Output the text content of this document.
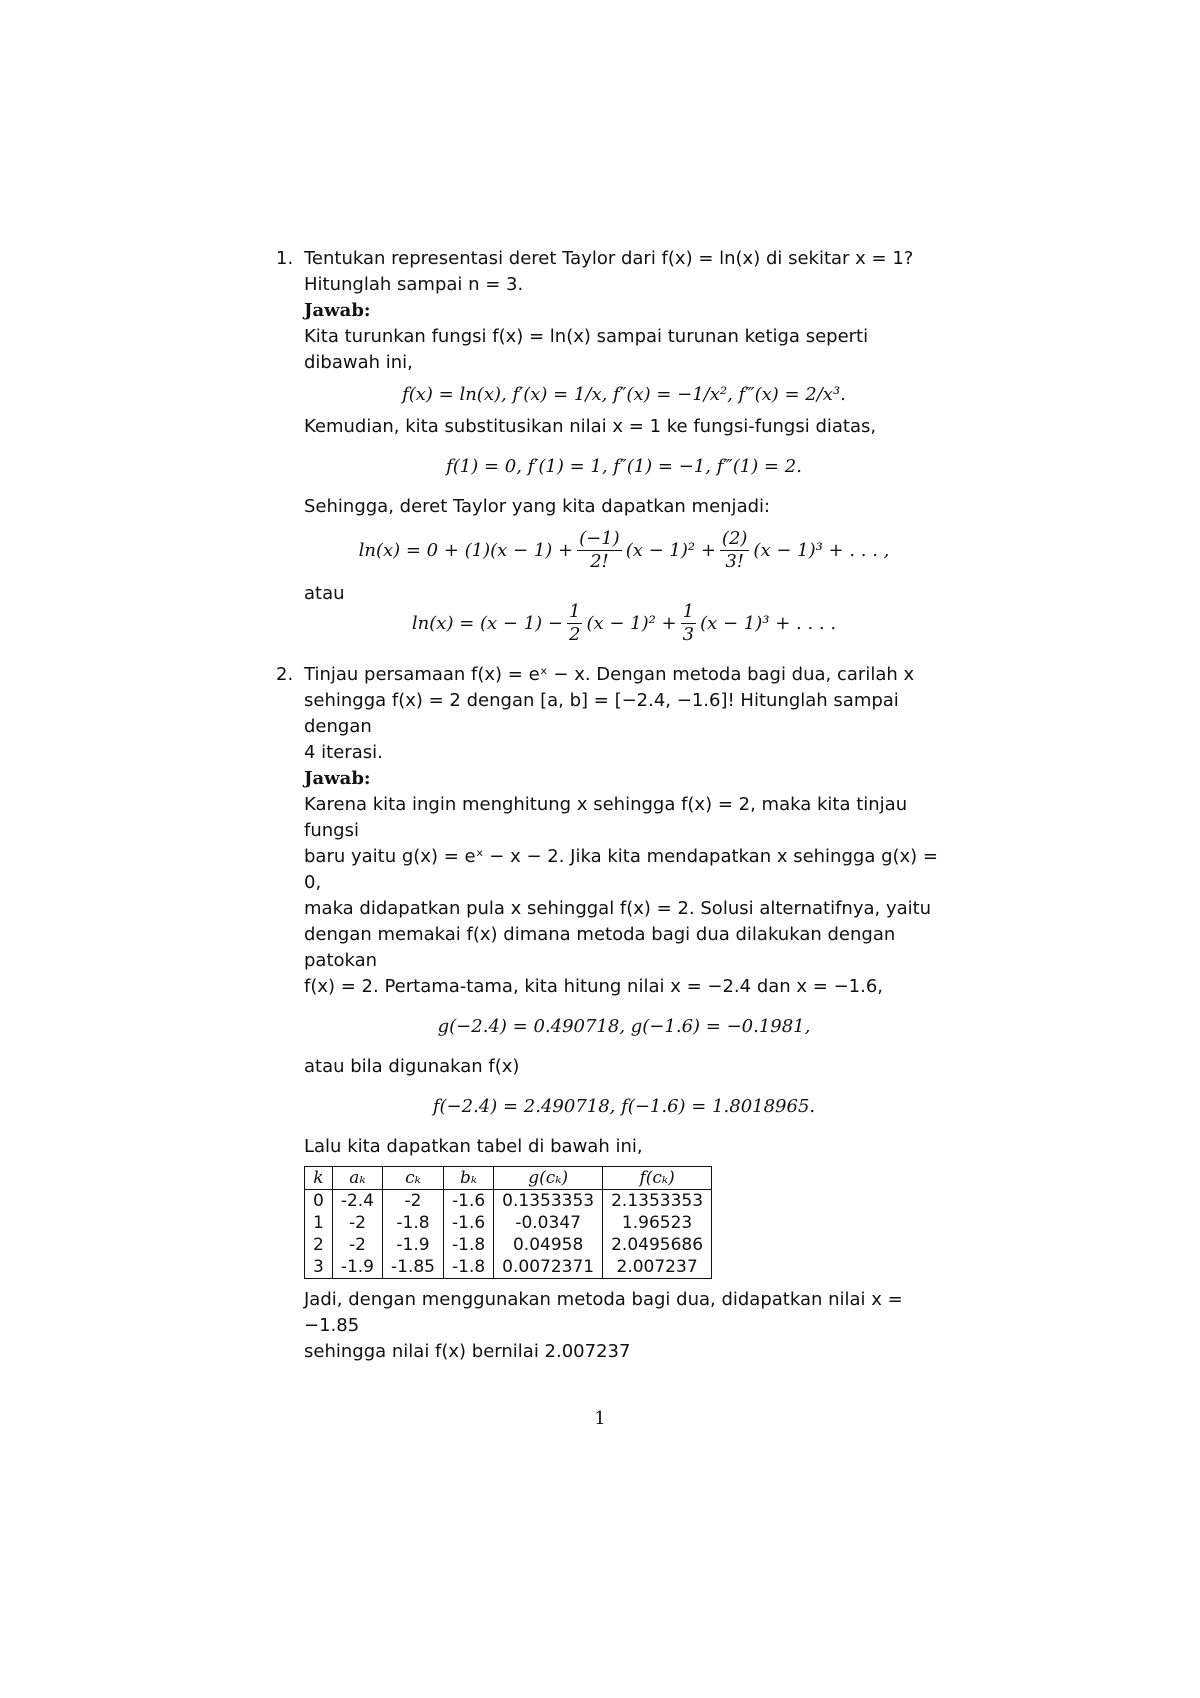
1. Tentukan representasi deret Taylor dari f(x) = ln(x) di sekitar x = 1?

Hitunglah sampai n = 3.

Jawab:

Kita turunkan fungsi f(x) = ln(x) sampai turunan ketiga seperti dibawah ini,

f(x) = ln(x), f′(x) = 1/x, f″(x) = −1/x², f‴(x) = 2/x³.

Kemudian, kita substitusikan nilai x = 1 ke fungsi-fungsi diatas,

f(1) = 0, f′(1) = 1, f″(1) = −1, f‴(1) = 2.

Sehingga, deret Taylor yang kita dapatkan menjadi:

$\ln(x) = 0 + (1)(x - 1) + \frac{(-1)}{2!} (x - 1)^2 + \frac{(2)}{3!} (x - 1)^3$ + . . . ,

atau

$\ln(x) = (x - 1) - \frac{1}{2} (x - 1)^2 + \frac{1}{3} (x - 1)^3$ + . . . .
2. Tinjau persamaan f(x) = eˣ − x. Dengan metoda bagi dua, carilah x

sehingga f(x) = 2 dengan [a, b] = [−2.4, −1.6]! Hitunglah sampai dengan

4 iterasi.

Jawab:

Karena kita ingin menghitung x sehingga f(x) = 2, maka kita tinjau fungsi

baru yaitu g(x) = eˣ − x − 2. Jika kita mendapatkan x sehingga g(x) = 0,

maka didapatkan pula x sehinggal f(x) = 2. Solusi alternatifnya, yaitu

dengan memakai f(x) dimana metoda bagi dua dilakukan dengan patokan

f(x) = 2. Pertama-tama, kita hitung nilai x = −2.4 dan x = −1.6,

g(−2.4) = 0.490718, g(−1.6) = −0.1981,

atau bila digunakan f(x)

f(−2.4) = 2.490718, f(−1.6) = 1.8018965.

Lalu kita dapatkan tabel di bawah ini,

k	aₖ	cₖ	bₖ	g(cₖ)	f(cₖ)
0	-2.4	-2	-1.6	0.1353353	2.1353353
1	-2	-1.8	-1.6	-0.0347	1.96523
2	-2	-1.9	-1.8	0.04958	2.0495686
3	-1.9	-1.85	-1.8	0.0072371	2.007237

Jadi, dengan menggunakan metoda bagi dua, didapatkan nilai x = −1.85

sehingga nilai f(x) bernilai 2.007237

1
